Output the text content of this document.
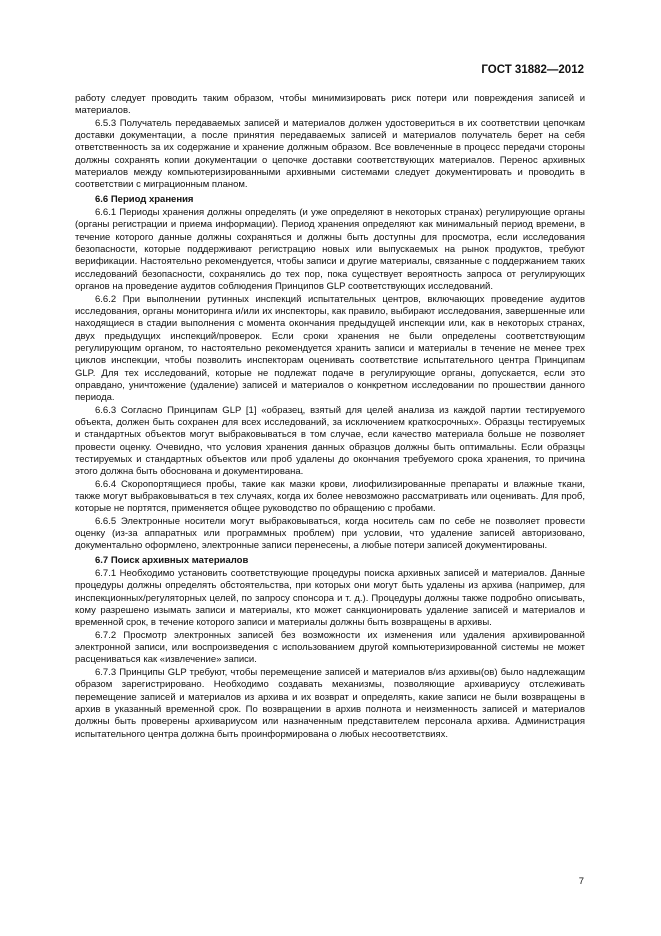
ГОСТ 31882—2012

работу следует проводить таким образом, чтобы минимизировать риск потери или повреждения записей и материалов.

6.5.3 Получатель передаваемых записей и материалов должен удостовериться в их соответствии цепочкам доставки документации, а после принятия передаваемых записей и материалов получатель берет на себя ответственность за их содержание и хранение должным образом. Все вовлеченные в процесс передачи стороны должны сохранять копии документации о цепочке доставки соответствующих материалов. Перенос архивных материалов между компьютеризированными архивными системами следует документировать и проводить в соответствии с миграционным планом.

6.6 Период хранения

6.6.1 Периоды хранения должны определять (и уже определяют в некоторых странах) регулирующие органы (органы регистрации и приема информации). Период хранения определяют как минимальный период времени, в течение которого данные должны сохраняться и должны быть доступны для просмотра, если исследования безопасности, которые поддерживают регистрацию новых или выпускаемых на рынок продуктов, требуют верификации. Настоятельно рекомендуется, чтобы записи и другие материалы, связанные с поддержанием таких исследований безопасности, сохранялись до тех пор, пока существует вероятность запроса от регулирующих органов на проведение аудитов соблюдения Принципов GLP соответствующих исследований.

6.6.2 При выполнении рутинных инспекций испытательных центров, включающих проведение аудитов исследования, органы мониторинга и/или их инспекторы, как правило, выбирают исследования, завершенные или находящиеся в стадии выполнения с момента окончания предыдущей инспекции или, как в некоторых странах, двух предыдущих инспекций/проверок. Если сроки хранения не были определены соответствующим регулирующим органом, то настоятельно рекомендуется хранить записи и материалы в течение не менее трех циклов инспекции, чтобы позволить инспекторам оценивать соответствие испытательного центра Принципам GLP. Для тех исследований, которые не подлежат подаче в регулирующие органы, допускается, если это оправдано, уничтожение (удаление) записей и материалов о конкретном исследовании по прошествии данного периода.

6.6.3 Согласно Принципам GLP [1] «образец, взятый для целей анализа из каждой партии тестируемого объекта, должен быть сохранен для всех исследований, за исключением краткосрочных». Образцы тестируемых и стандартных объектов могут выбраковываться в том случае, если качество материала больше не позволяет провести оценку. Очевидно, что условия хранения данных образцов должны быть оптимальны. Если образцы тестируемых и стандартных объектов или проб удалены до окончания требуемого срока хранения, то причина этого должна быть обоснована и документирована.

6.6.4 Скоропортящиеся пробы, такие как мазки крови, лиофилизированные препараты и влажные ткани, также могут выбраковываться в тех случаях, когда их более невозможно рассматривать или оценивать. Для проб, которые не портятся, применяется общее руководство по обращению с пробами.

6.6.5 Электронные носители могут выбраковываться, когда носитель сам по себе не позволяет провести оценку (из-за аппаратных или программных проблем) при условии, что удаление записей авторизовано, документально оформлено, электронные записи перенесены, а любые потери записей документированы.

6.7 Поиск архивных материалов

6.7.1 Необходимо установить соответствующие процедуры поиска архивных записей и материалов. Данные процедуры должны определять обстоятельства, при которых они могут быть удалены из архива (например, для инспекционных/регуляторных целей, по запросу спонсора и т. д.). Процедуры должны также подробно описывать, кому разрешено изымать записи и материалы, кто может санкционировать удаление записей и материалов и временной срок, в течение которого записи и материалы должны быть возвращены в архивы.

6.7.2 Просмотр электронных записей без возможности их изменения или удаления архивированной электронной записи, или воспроизведения с использованием другой компьютеризированной системы не может расцениваться как «извлечение» записи.

6.7.3 Принципы GLP требуют, чтобы перемещение записей и материалов в/из архивы(ов) было надлежащим образом зарегистрировано. Необходимо создавать механизмы, позволяющие архивариусу отслеживать перемещение записей и материалов из архива и их возврат и определять, какие записи не были возвращены в архив в указанный временной срок. По возвращении в архив полнота и неизменность записей и материалов должны быть проверены архивариусом или назначенным представителем персонала архива. Администрация испытательного центра должна быть проинформирована о любых несоответствиях.

7
